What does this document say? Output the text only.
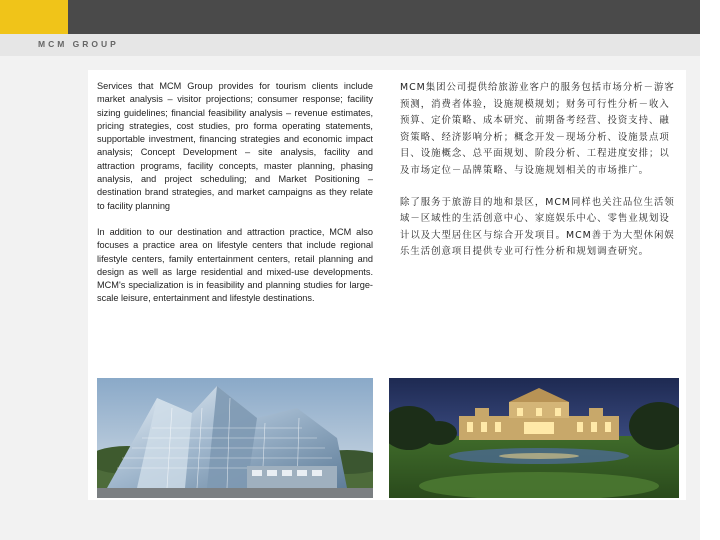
MCM GROUP

Services that MCM Group provides for tourism clients include market analysis – visitor projections; consumer response; facility sizing guidelines; financial feasibility analysis – revenue estimates, pricing strategies, cost studies, pro forma operating statements, supportable investment, financing strategies and economic impact analysis; Concept Development – site analysis, facility and attraction programs, facility concepts, master planning, phasing analysis, and project scheduling; and Market Positioning – destination brand strategies, and market campaigns as they relate to facility planning

In addition to our destination and attraction practice, MCM also focuses a practice area on lifestyle centers that include regional lifestyle centers, family entertainment centers, retail planning and design as well as large residential and mixed-use developments. MCM's specialization is in feasibility and planning studies for large-scale leisure, entertainment and lifestyle destinations.

MCM集团公司提供给旅游业客户的服务包括市场分析－游客预测，消费者体验，设施规模规划；财务可行性分析－收入预算、定价策略、成本研究、前期备考经营、投资支持、融资策略、经济影响分析；概念开发－现场分析、设施景点项目、设施概念、总平面规划、阶段分析、工程进度安排；以及市场定位－品牌策略、与设施规划相关的市场推广。

除了服务于旅游目的地和景区，MCM同样也关注品位生活领域－区域性的生活创意中心、家庭娱乐中心、零售业规划设计以及大型居住区与综合开发项目。MCM善于为大型休闲娱乐生活创意项目提供专业可行性分析和规划调查研究。
